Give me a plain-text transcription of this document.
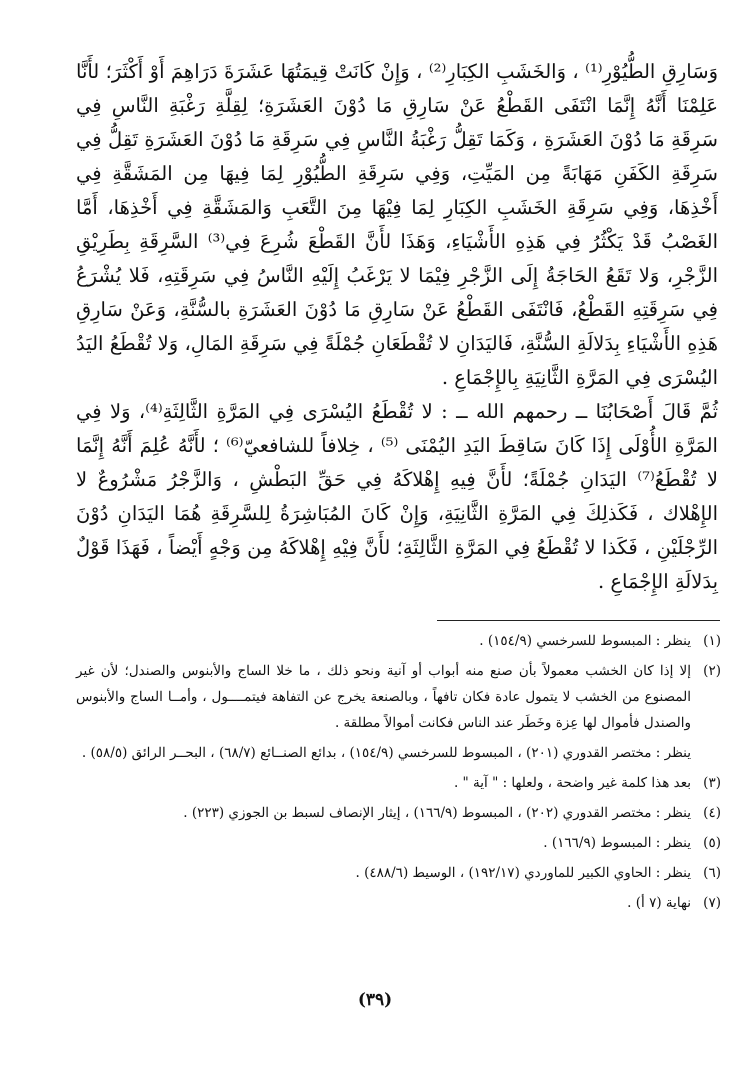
وَسَارِقِ الطُّيُوْرِ⁽¹⁾ ، وَالخَشَبِ الكِبَارِ⁽²⁾ ، وَإِنْ كَانَتْ قِيمَتُهَا عَشَرَةَ دَرَاهِمَ أَوْ أَكْثَرَ؛ لأَنَّا عَلِمْنَا أَنَّهُ إِنَّمَا انْتَفَى القَطْعُ عَنْ سَارِقِ مَا دُوْنَ العَشَرَةِ؛ لِقِلَّةِ رَغْبَةِ النَّاسِ فِي سَرِقَةِ مَا دُوْنَ العَشَرَةِ ، وَكَمَا تَقِلُّ رَغْبَةُ النَّاسِ فِي سَرِقَةِ مَا دُوْنَ العَشَرَةِ تَقِلُّ فِي سَرِقَةِ الكَفَنِ مَهَابَةً مِن المَيِّتِ، وَفِي سَرِقَةِ الطُّيُوْرِ لِمَا فِيهَا مِن المَشَقَّةِ فِي أَخْذِهَا، وَفِي سَرِقَةِ الخَشَبِ الكِبَارِ لِمَا فِيْهَا مِنَ التَّعَبِ وَالمَشَقَّةِ فِي أَخْذِهَا، أَمَّا الغَصْبُ قَدْ يَكْثُرُ فِي هَذِهِ الأَشْيَاءِ، وَهَذَا لأَنَّ القَطْعَ شُرِعَ فِي⁽³⁾ السَّرِقَةِ بِطَرِيْقِ الزَّجْرِ، وَلا تَقَعُ الحَاجَةُ إِلَى الزَّجْرِ فِيْمَا لا يَرْغَبُ إِلَيْهِ النَّاسُ فِي سَرِقَتِهِ، فَلا يُشْرَعُ فِي سَرِقَتِهِ القَطْعُ، فَانْتَفَى القَطْعُ عَنْ سَارِقِ مَا دُوْنَ العَشَرَةِ بالسُّنَّةِ، وَعَنْ سَارِقِ هَذِهِ الأَشْيَاءِ بِدَلالَةِ السُّنَّةِ، فَاليَدَانِ لا تُقْطَعَانِ جُمْلَةً فِي سَرِقَةِ المَالِ، وَلا تُقْطَعُ اليَدُ اليُسْرَى فِي المَرَّةِ الثَّانِيَةِ بِالإِجْمَاعِ .

ثُمَّ قَالَ أَصْحَابُنَا ــ رحمهم الله ــ : لا تُقْطَعُ اليُسْرَى فِي المَرَّةِ الثَّالِثَةِ⁽⁴⁾، وَلا فِي المَرَّةِ الأُوْلَى إِذَا كَانَ سَاقِطَ اليَدِ اليُمْنَى ⁽⁵⁾ ، خِلافاً للشافعيّ⁽⁶⁾ ؛ لأَنَّهُ عُلِمَ أَنَّهُ إِنَّمَا لا تُقْطَعُ⁽⁷⁾ اليَدَانِ جُمْلَةً؛ لأَنَّ فِيهِ إِهْلاكَهُ فِي حَقِّ البَطْشِ ، وَالزَّجْرُ مَشْرُوعٌ لا الإِهْلاك ، فَكَذلِكَ فِي المَرَّةِ الثَّانِيَةِ، وَإِنْ كَانَ المُبَاشِرَةُ لِلسَّرِقَةِ هُمَا اليَدَانِ دُوْنَ الرِّجْلَيْنِ ، فَكَذا لا تُقْطَعُ فِي المَرَّةِ الثَّالِثَةِ؛ لأَنَّ فِيْهِ إِهْلاكَهُ مِن وَجْهٍ أَيْضاً ، فَهَذَا قَوْلٌ بِدَلالَةِ الإِجْمَاعِ .

(١)
ينظر : المبسوط للسرخسي (١٥٤/٩) .
(٢)
إلا إذا كان الخشب معمولاً بأن صنع منه أبواب أو آنية ونحو ذلك ، ما خلا الساج والأبنوس والصندل؛ لأن غير المصنوع من الخشب لا يتمول عادة فكان تافهاً ، وبالصنعة يخرج عن التفاهة فيتمــــول ، وأمــا الساج والأبنوس والصندل فأموال لها عِزة وخَطَر عند الناس فكانت أموالاً مطلقة .
ينظر : مختصر القدوري (٢٠١) ، المبسوط للسرخسي (١٥٤/٩) ، بدائع الصنــائع (٦٨/٧) ، البحــر الرائق (٥٨/٥) .
(٣)
بعد هذا كلمة غير واضحة ، ولعلها : " آية " .
(٤)
ينظر : مختصر القدوري (٢٠٢) ، المبسوط (١٦٦/٩) ، إيثار الإنصاف لسبط بن الجوزي (٢٢٣) .
(٥)
ينظر : المبسوط (١٦٦/٩) .
(٦)
ينظر : الحاوي الكبير للماوردي (١٩٢/١٧) ، الوسيط (٤٨٨/٦) .
(٧)
نهاية (٧ أ) .
(٣٩)
